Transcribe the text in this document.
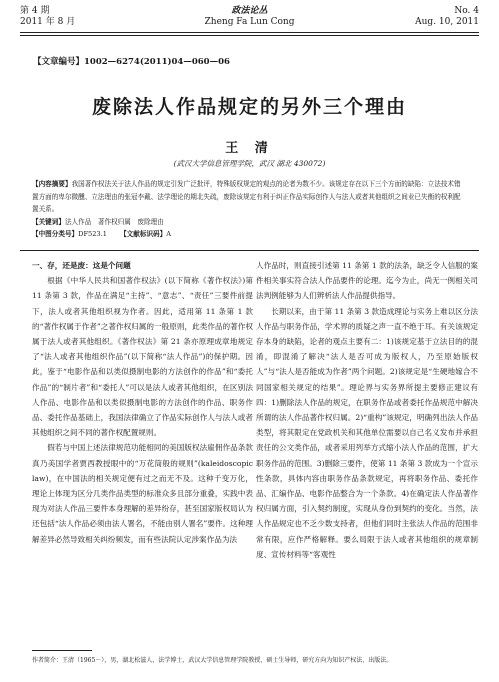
第 4 期
2011 年 8 月
政法论丛
Zheng Fa Lun Cong
No. 4
Aug. 10, 2011
【文章编号】1002—6274(2011)04—060—06
废除法人作品规定的另外三个理由
王 清
(武汉大学信息管理学院，武汉 湖北 430072)

【内容摘要】我国著作权法关于法人作品的规定引发广泛批评，特殊版权规定的观点的论者为数不少。该规定存在以下三个方面的缺陷：立法技术错置方面的卑尔微醺、立法理由的张冠李戴、法学理论的期北失疏，废除该规定有利于纠正作品实际创作人与法人或者其他组织之间业已失衡的权利配置关系。

【关键词】法人作品　著作权归属　废除理由

【中图分类号】DF523.1   【文献标识码】A

一、存，还是废：这是个问题

根据《中华人民共和国著作权法》(以下简称《著作权法》)第 11 条第 3 款，作品在满足“主持”、“意志”、“责任”三要件前提下，法人或者其他组织视为作者。因此，适用第 11 条第 1 款的“著作权属于作者”之著作权归属的一般原则，此类作品的著作权属于法人或者其他组织。《著作权法》第 21 条亦原理成章地规定了“法人或者其他组织作品”(以下简称“法人作品”)的保护期。因此，鉴于“电影作品和以类似摄制电影的方法创作的作品”和“委托作品”的“制片者”和“委托人”可以是法人或者其他组织，在区别法人作品、电影作品和以类似摄制电影的方法创作的作品、职务作品、委托作品基础上，我国法律确立了作品实际创作人与法人或者其他组织之间不同的著作权配置规则。

假若与中国上述法律规范功能相同的美国版权法雇佣作品条款真乃美国学者贾西教授眼中的“万花筒般的规则”(kaleidoscopic law)，在中国法的相关规定便有过之而无不及。这种千变万化，理论上体现为区分几类作品类型的标准众多且部分重叠，实践中表现为对法人作品三要件本身理解的差异纷存，甚至国家版权局认为还包括“法人作品必须由法人署名，不能由别人署名”要件。这种理解差异必然导致相关纠纷频发，而有些法院认定涉案作品为法

人作品时，则直接引述第 11 条第 1 款的法条，缺乏令人信服的案件相关事实符合法人作品要件的论理。迄今为止，尚无一例相关司法判例能够为人们辨析法人作品提供指导。

长期以来，由于第 11 条第 3 款造成理论与实务上难以区分法人作品与职务作品，学术界的质疑之声一直不绝于耳。有关该规定存本身的缺陷，论者的观点主要有二：1)该规定基于立法目的的混淆，即混淆了解决“法人是否可成为版权人，乃至原始版权人”与“法人是否能成为作者”两个问题。2)该规定是“生硬地嫁合不同国家相关规定的结果”。理论界与实务界所提主要修正建议有四：1)删除法人作品的规定，在职务作品或者委托作品规范中解决所谓的法人作品著作权归属。2)“重构”该规定，明确列出法人作品类型，将其限定在党政机关和其他单位需要以自己名义发布并承担责任的公文类作品，或者采用列举方式缩小法人作品的范围，扩大职务作品的范围。3)删除三要件，使第 11 条第 3 款成为一个宣示性条款，具体内容由职务作品条款规定，再将职务作品、委托作品、汇编作品、电影作品整合为一个条款。4)在确定法人作品著作权归属方面，引入契约制度，实现从身份到契约的变化。当然，法人作品规定也不乏少数支持者，但他们同时主张法人作品的范围非常有限，应作严格解释。要么局限于法人或者其他组织的规章制度、宣传材料等“客观性

作者简介：王清（1965－），男，湖北松滋人，法学博士，武汉大学信息管理学院教授，硕士生导师，研究方向为知识产权法、出版法。
